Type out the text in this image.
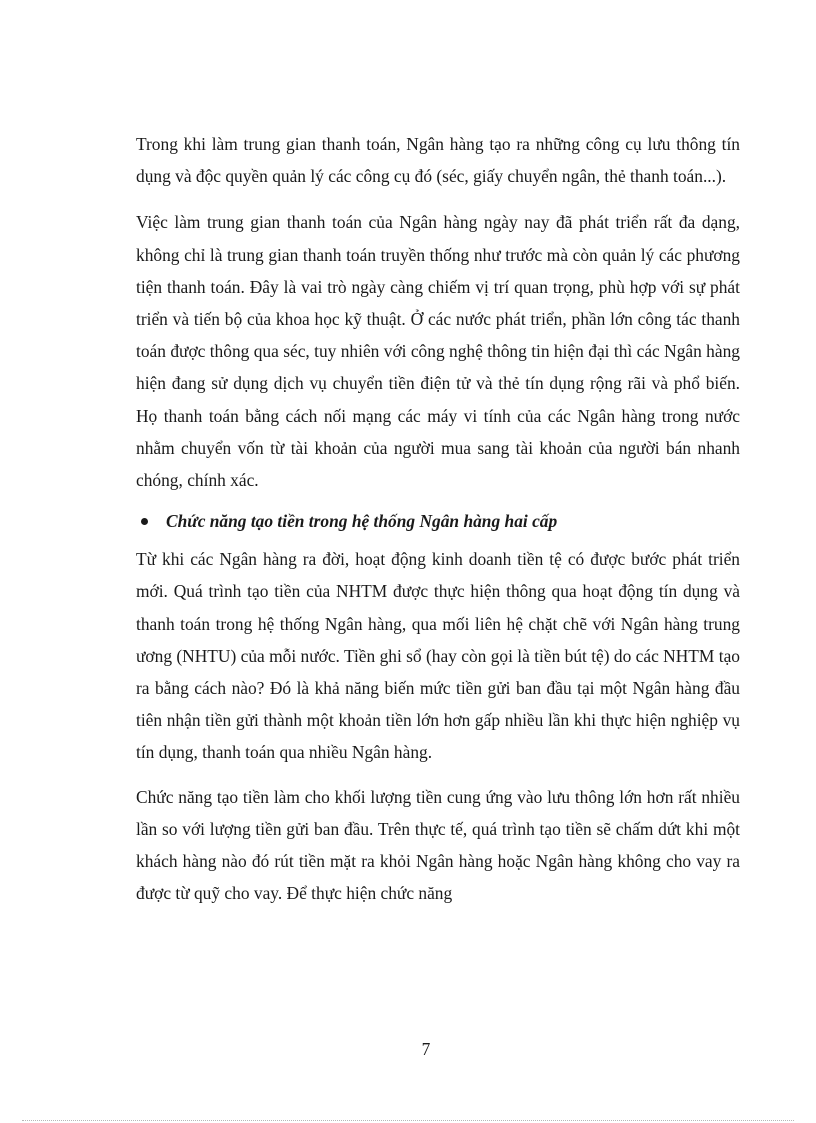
Trong khi làm trung gian thanh toán, Ngân hàng tạo ra những công cụ lưu thông tín dụng và độc quyền quản lý các công cụ đó (séc, giấy chuyển ngân, thẻ thanh toán...).

Việc làm trung gian thanh toán của Ngân hàng ngày nay đã phát triển rất đa dạng, không chỉ là trung gian thanh toán truyền thống như trước mà còn quản lý các phương tiện thanh toán. Đây là vai trò ngày càng chiếm vị trí quan trọng, phù hợp với sự phát triển và tiến bộ của khoa học kỹ thuật. Ở các nước phát triển, phần lớn công tác thanh toán được thông qua séc, tuy nhiên với công nghệ thông tin hiện đại thì các Ngân hàng hiện đang sử dụng dịch vụ chuyển tiền điện tử và thẻ tín dụng rộng rãi và phổ biến. Họ thanh toán bằng cách nối mạng các máy vi tính của các Ngân hàng trong nước nhằm chuyển vốn từ tài khoản của người mua sang tài khoản của người bán nhanh chóng, chính xác.

Chức năng tạo tiền trong hệ thống Ngân hàng hai cấp

Từ khi các Ngân hàng ra đời, hoạt động kinh doanh tiền tệ có được bước phát triển mới. Quá trình tạo tiền của NHTM được thực hiện thông qua hoạt động tín dụng và thanh toán trong hệ thống Ngân hàng, qua mối liên hệ chặt chẽ với Ngân hàng trung ương (NHTU) của mỗi nước. Tiền ghi sổ (hay còn gọi là tiền bút tệ) do các NHTM tạo ra bằng cách nào? Đó là khả năng biến mức tiền gửi ban đầu tại một Ngân hàng đầu tiên nhận tiền gửi thành một khoản tiền lớn hơn gấp nhiều lần khi thực hiện nghiệp vụ tín dụng, thanh toán qua nhiều Ngân hàng.

Chức năng tạo tiền làm cho khối lượng tiền cung ứng vào lưu thông lớn hơn rất nhiều lần so với lượng tiền gửi ban đầu. Trên thực tế, quá trình tạo tiền sẽ chấm dứt khi một khách hàng nào đó rút tiền mặt ra khỏi Ngân hàng hoặc Ngân hàng không cho vay ra được từ quỹ cho vay. Để thực hiện chức năng

7
